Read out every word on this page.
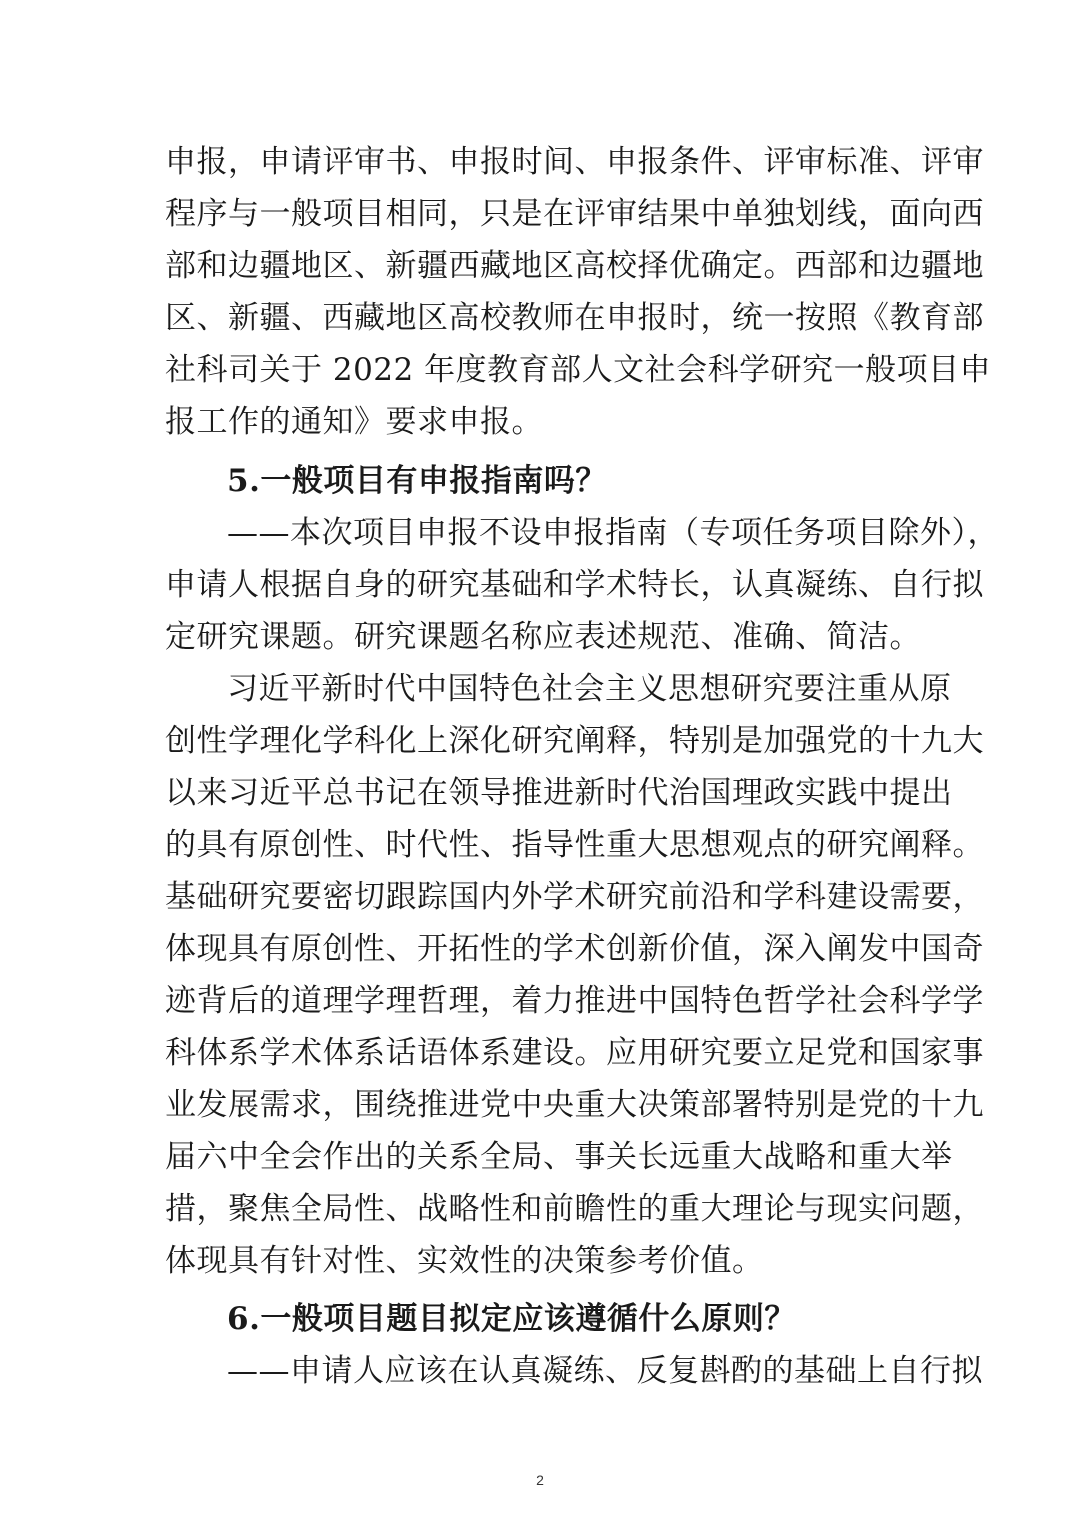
申报，申请评审书、申报时间、申报条件、评审标准、评审
程序与一般项目相同，只是在评审结果中单独划线，面向西
部和边疆地区、新疆西藏地区高校择优确定。西部和边疆地
区、新疆、西藏地区高校教师在申报时，统一按照《教育部
社科司关于 2022 年度教育部人文社会科学研究一般项目申
报工作的通知》要求申报。
5.一般项目有申报指南吗？
——本次项目申报不设申报指南（专项任务项目除外），
申请人根据自身的研究基础和学术特长，认真凝练、自行拟
定研究课题。研究课题名称应表述规范、准确、简洁。
习近平新时代中国特色社会主义思想研究要注重从原
创性学理化学科化上深化研究阐释，特别是加强党的十九大
以来习近平总书记在领导推进新时代治国理政实践中提出
的具有原创性、时代性、指导性重大思想观点的研究阐释。
基础研究要密切跟踪国内外学术研究前沿和学科建设需要，
体现具有原创性、开拓性的学术创新价值，深入阐发中国奇
迹背后的道理学理哲理，着力推进中国特色哲学社会科学学
科体系学术体系话语体系建设。应用研究要立足党和国家事
业发展需求，围绕推进党中央重大决策部署特别是党的十九
届六中全会作出的关系全局、事关长远重大战略和重大举
措，聚焦全局性、战略性和前瞻性的重大理论与现实问题，
体现具有针对性、实效性的决策参考价值。
6.一般项目题目拟定应该遵循什么原则？
——申请人应该在认真凝练、反复斟酌的基础上自行拟
2
